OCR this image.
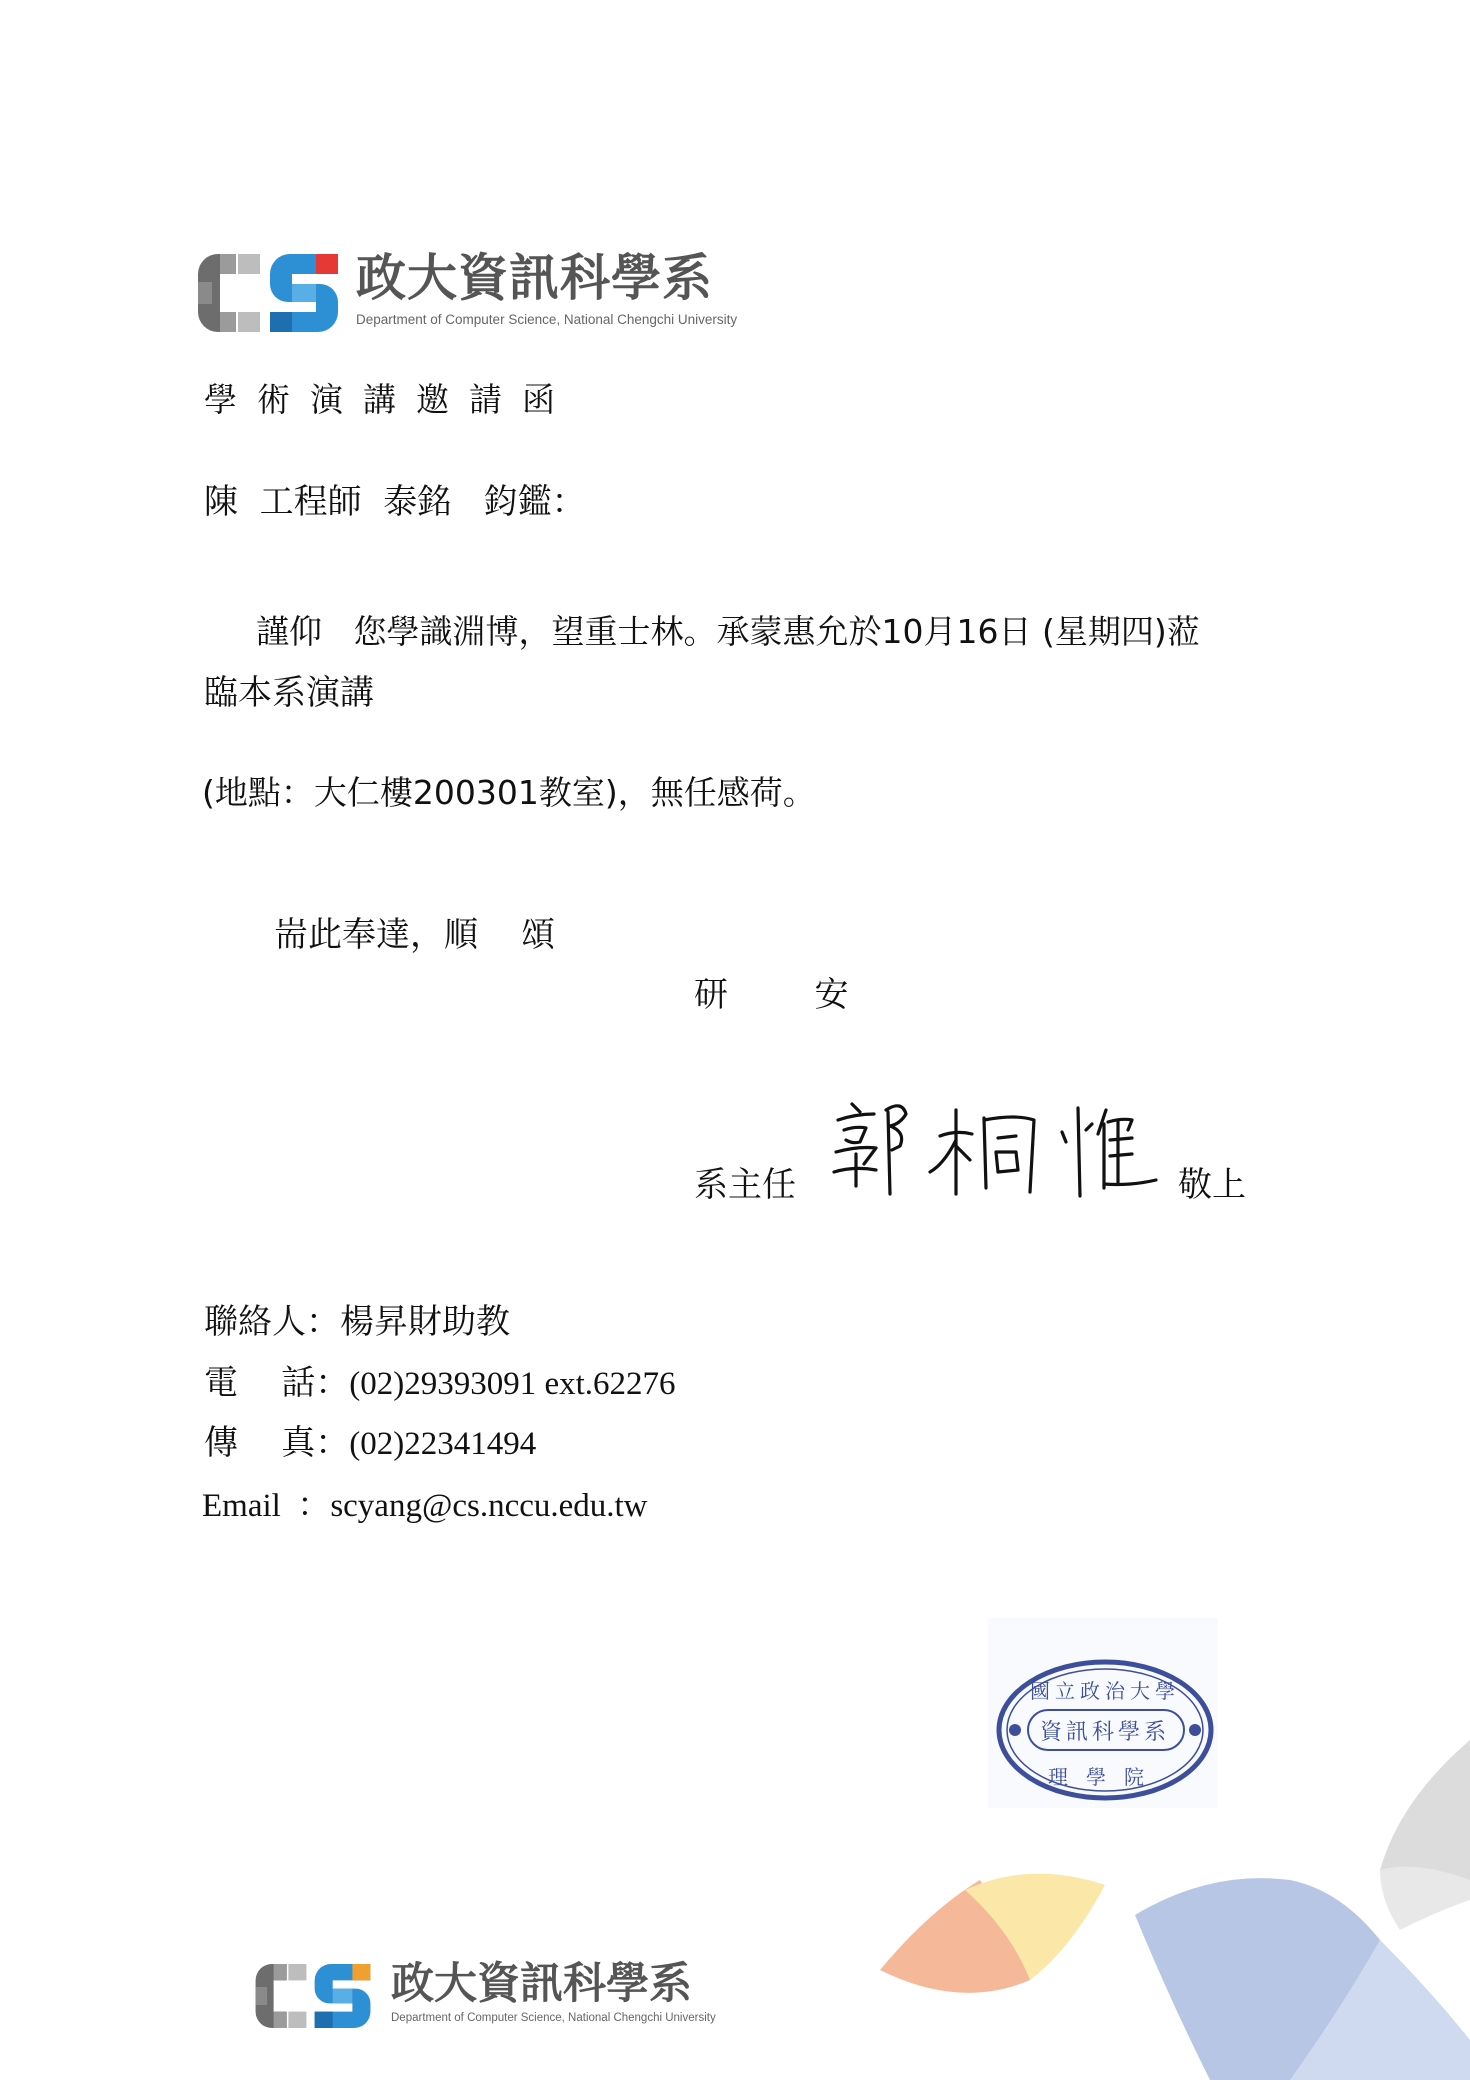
政大資訊科學系
Department of Computer Science, National Chengchi University
學術演講邀請函
陳  工程師  泰銘   鈞鑑：
謹仰   您學識淵博，望重士林。承蒙惠允於10月16日 (星期四)蒞
臨本系演講
(地點：大仁樓200301教室)，無任感荷。
耑此奉達，順    頌
研        安
系主任	敬上
聯絡人：楊昇財助教
電    話：(02)29393091 ext.62276
傳    真：(02)22341494
Email  ：scyang@cs.nccu.edu.tw
國立政治大學
資訊科學系
理學院
政大資訊科學系
Department of Computer Science, National Chengchi University
